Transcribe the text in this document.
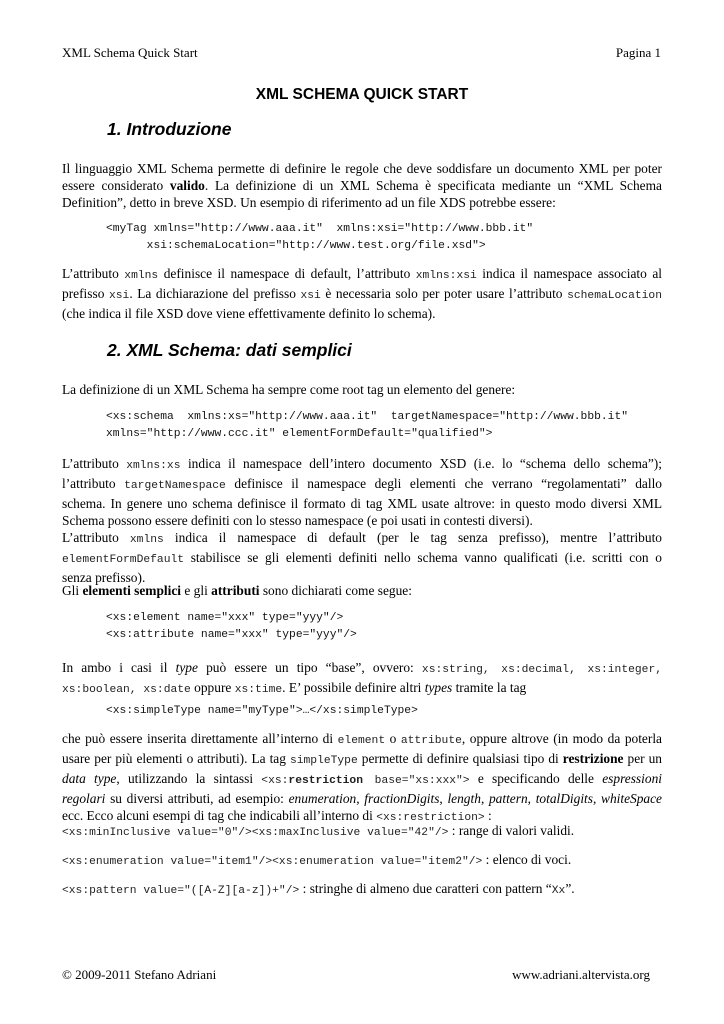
XML Schema Quick Start	Pagina 1
XML SCHEMA QUICK START
1. Introduzione
Il linguaggio XML Schema permette di definire le regole che deve soddisfare un documento XML per poter
essere considerato valido. La definizione di un XML Schema è specificata mediante un “XML Schema
Definition”, detto in breve XSD. Un esempio di riferimento ad un file XDS potrebbe essere:
<myTag xmlns="http://www.aaa.it"  xmlns:xsi="http://www.bbb.it"
xsi:schemaLocation="http://www.test.org/file.xsd">
L’attributo xmlns definisce il namespace di default, l’attributo xmlns:xsi indica il namespace associato al
prefisso xsi. La dichiarazione del prefisso xsi è necessaria solo per poter usare l’attributo schemaLocation
(che indica il file XSD dove viene effettivamente definito lo schema).
2. XML Schema: dati semplici
La definizione di un XML Schema ha sempre come root tag un elemento del genere:
<xs:schema  xmlns:xs="http://www.aaa.it"  targetNamespace="http://www.bbb.it"
xmlns="http://www.ccc.it" elementFormDefault="qualified">
L’attributo xmlns:xs indica il namespace dell’intero documento XSD (i.e. lo “schema dello schema”);
l’attributo targetNamespace definisce il namespace degli elementi che verrano “regolamentati” dallo
schema. In genere uno schema definisce il formato di tag XML usate altrove: in questo modo diversi XML
Schema possono essere definiti con lo stesso namespace (e poi usati in contesti diversi).
L’attributo xmlns indica il namespace di default (per le tag senza prefisso), mentre l’attributo
elementFormDefault stabilisce se gli elementi definiti nello schema vanno qualificati (i.e. scritti con o
senza prefisso).
Gli elementi semplici e gli attributi sono dichiarati come segue:
<xs:element name="xxx" type="yyy"/>
<xs:attribute name="xxx" type="yyy"/>
In ambo i casi il type può essere un tipo “base”, ovvero: xs:string, xs:decimal, xs:integer,
xs:boolean, xs:date oppure xs:time. E’ possibile definire altri types tramite la tag
<xs:simpleType name="myType">…</xs:simpleType>
che può essere inserita direttamente all’interno di element o attribute, oppure altrove (in modo da poterla
usare per più elementi o attributi). La tag simpleType permette di definire qualsiasi tipo di restrizione per un
data type, utilizzando la sintassi <xs:restriction base="xs:xxx"> e specificando delle espressioni
regolari su diversi attributi, ad esempio: enumeration, fractionDigits, length, pattern, totalDigits, whiteSpace
ecc. Ecco alcuni esempi di tag che indicabili all’interno di <xs:restriction> :
<xs:minInclusive value="0"/><xs:maxInclusive value="42"/> : range di valori validi.
<xs:enumeration value="item1"/><xs:enumeration value="item2"/> : elenco di voci.
<xs:pattern value="([A-Z][a-z])+"/> : stringhe di almeno due caratteri con pattern “Xx”.
© 2009-2011 Stefano Adriani	www.adriani.altervista.org
